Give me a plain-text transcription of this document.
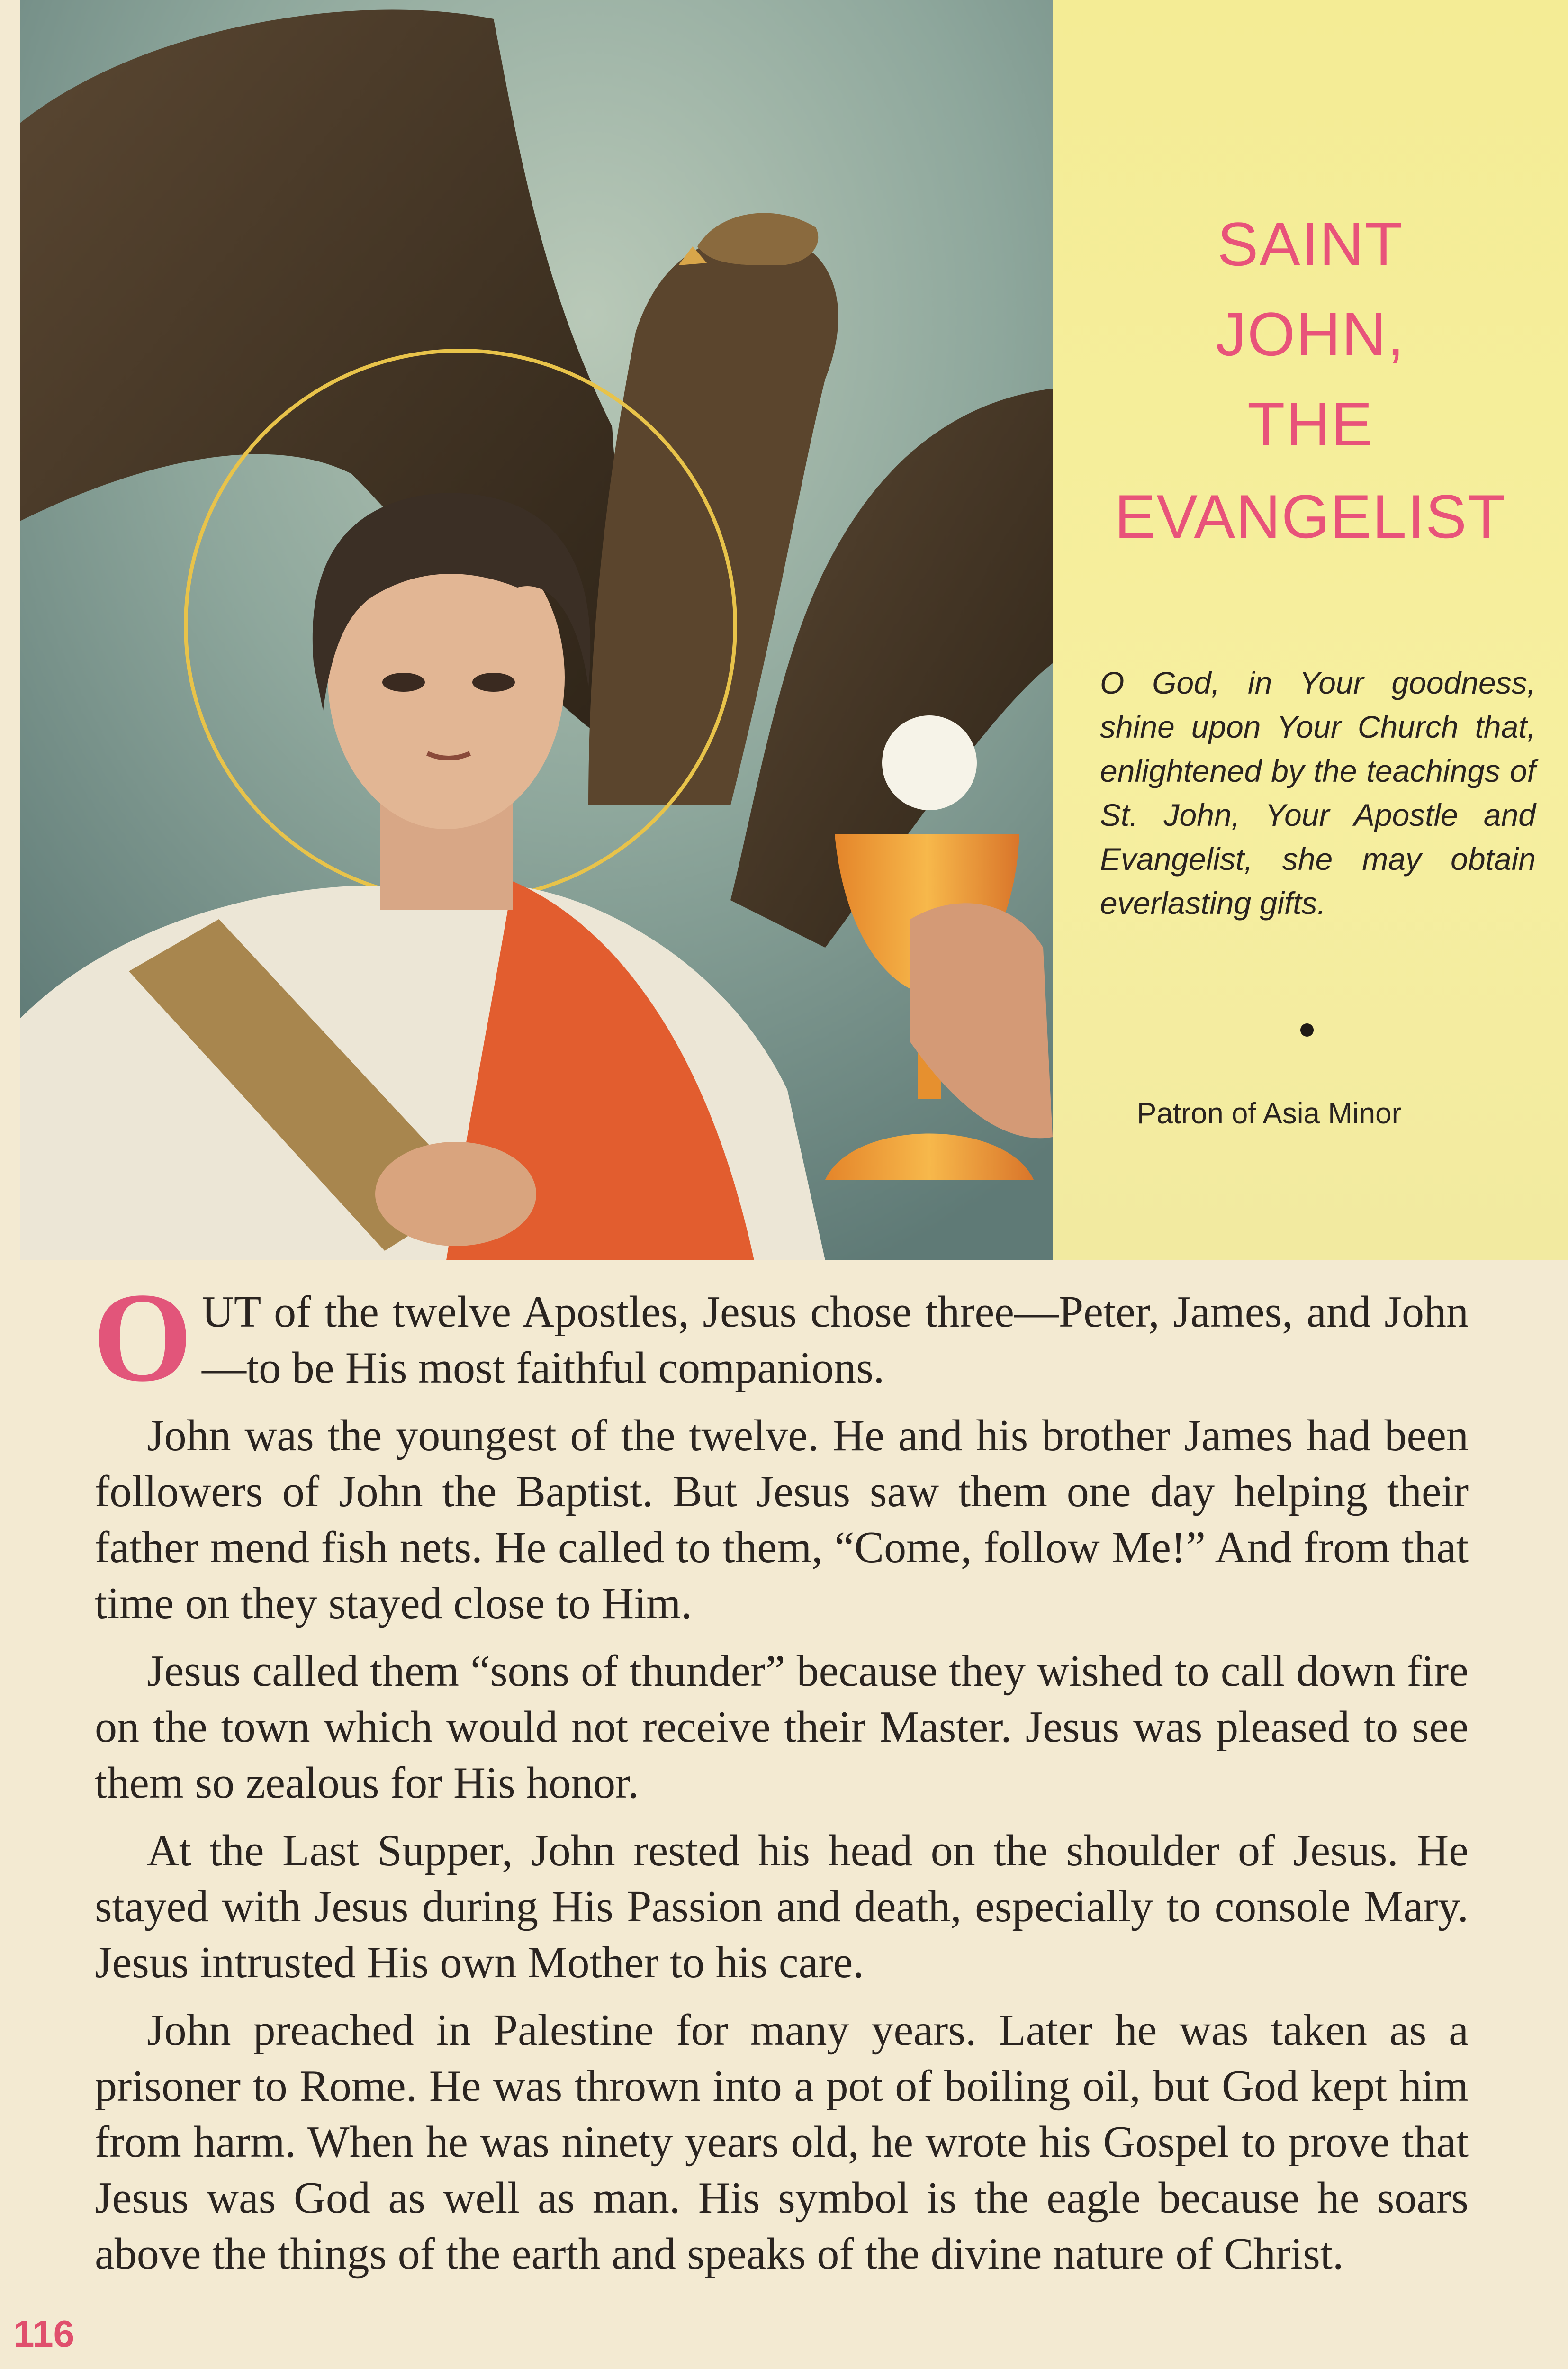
SAINT
JOHN,
THE
EVANGELIST
O God, in Your goodness, shine upon Your Church that, enlightened by the teachings of St. John, Your Apostle and Evangelist, she may obtain everlasting gifts.
Patron of Asia Minor

O UT of the twelve Apostles, Jesus chose three—Peter, James, and John—to be His most faithful companions.

John was the youngest of the twelve. He and his brother James had been followers of John the Baptist. But Jesus saw them one day helping their father mend fish nets. He called to them, “Come, follow Me!” And from that time on they stayed close to Him.

Jesus called them “sons of thunder” because they wished to call down fire on the town which would not receive their Master. Jesus was pleased to see them so zealous for His honor.

At the Last Supper, John rested his head on the shoulder of Jesus. He stayed with Jesus during His Passion and death, especially to console Mary. Jesus intrusted His own Mother to his care.

John preached in Palestine for many years. Later he was taken as a prisoner to Rome. He was thrown into a pot of boiling oil, but God kept him from harm. When he was ninety years old, he wrote his Gospel to prove that Jesus was God as well as man. His symbol is the eagle because he soars above the things of the earth and speaks of the divine nature of Christ.

116
